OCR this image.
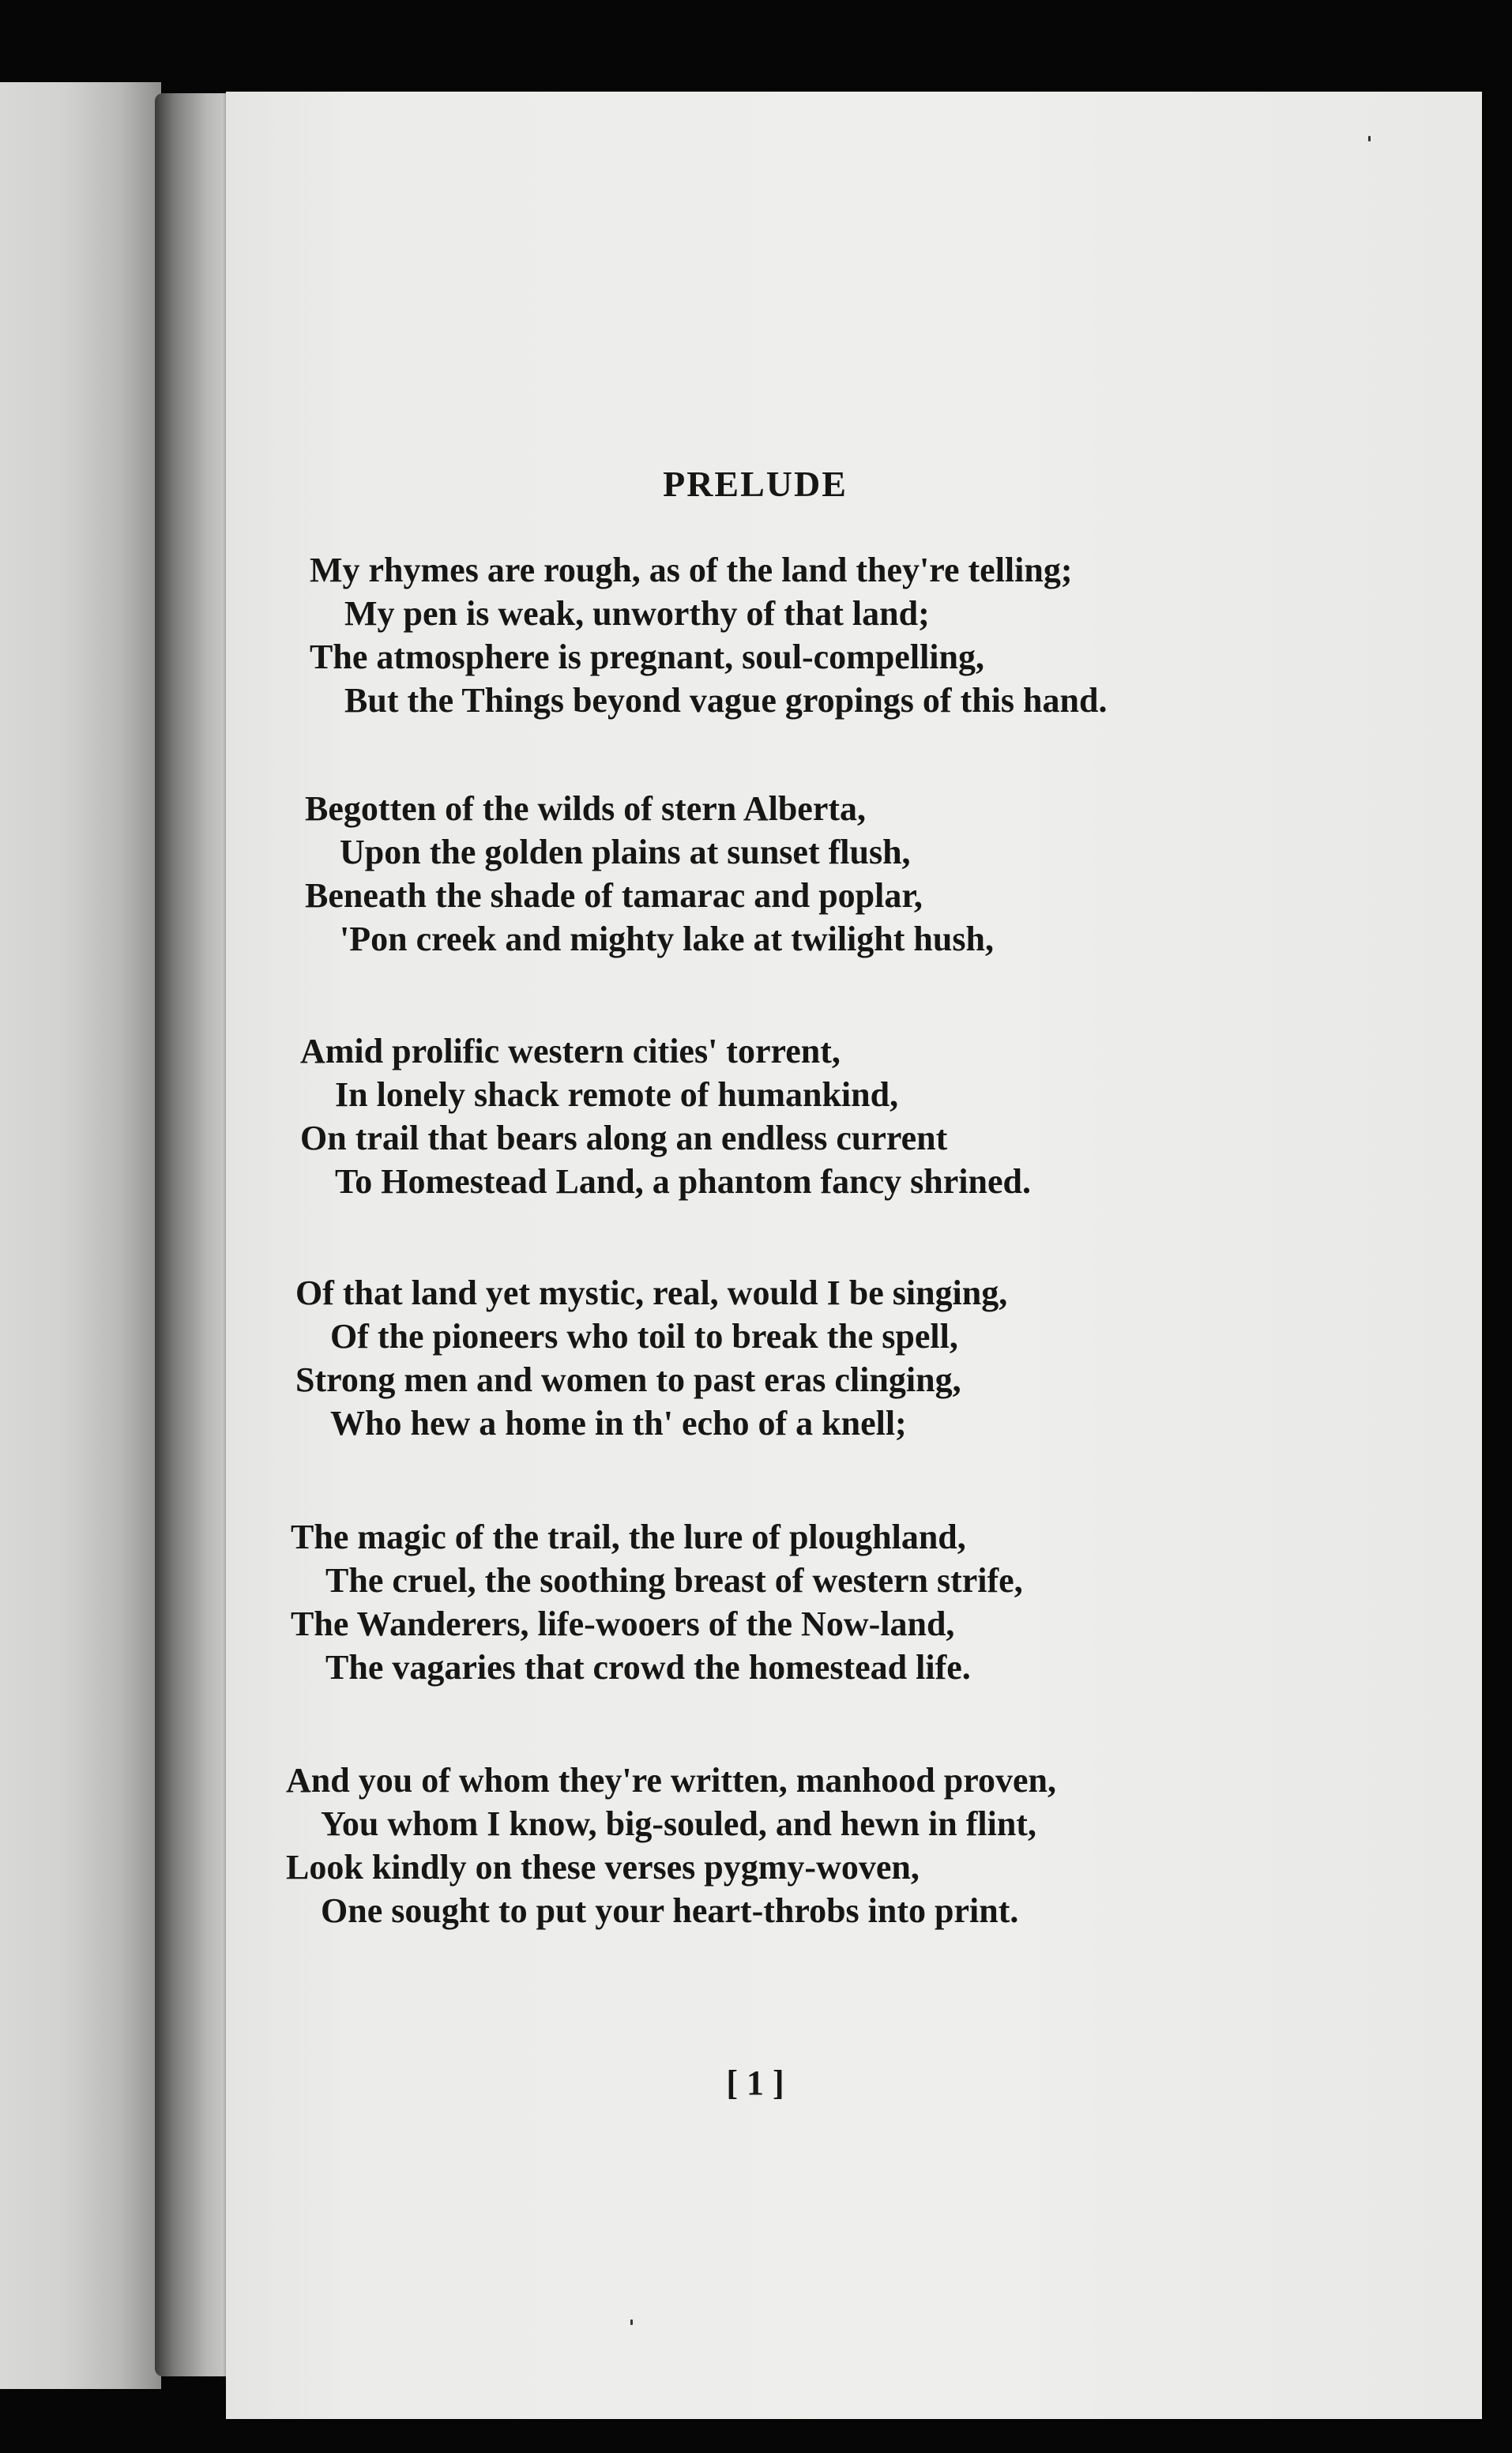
PRELUDE
My rhymes are rough, as of the land they're telling;
My pen is weak, unworthy of that land;
The atmosphere is pregnant, soul-compelling,
But the Things beyond vague gropings of this hand.
Begotten of the wilds of stern Alberta,
Upon the golden plains at sunset flush,
Beneath the shade of tamarac and poplar,
'Pon creek and mighty lake at twilight hush,
Amid prolific western cities' torrent,
In lonely shack remote of humankind,
On trail that bears along an endless current
To Homestead Land, a phantom fancy shrined.
Of that land yet mystic, real, would I be singing,
Of the pioneers who toil to break the spell,
Strong men and women to past eras clinging,
Who hew a home in th' echo of a knell;
The magic of the trail, the lure of ploughland,
The cruel, the soothing breast of western strife,
The Wanderers, life-wooers of the Now-land,
The vagaries that crowd the homestead life.
And you of whom they're written, manhood proven,
You whom I know, big-souled, and hewn in flint,
Look kindly on these verses pygmy-woven,
One sought to put your heart-throbs into print.
[ 1 ]
